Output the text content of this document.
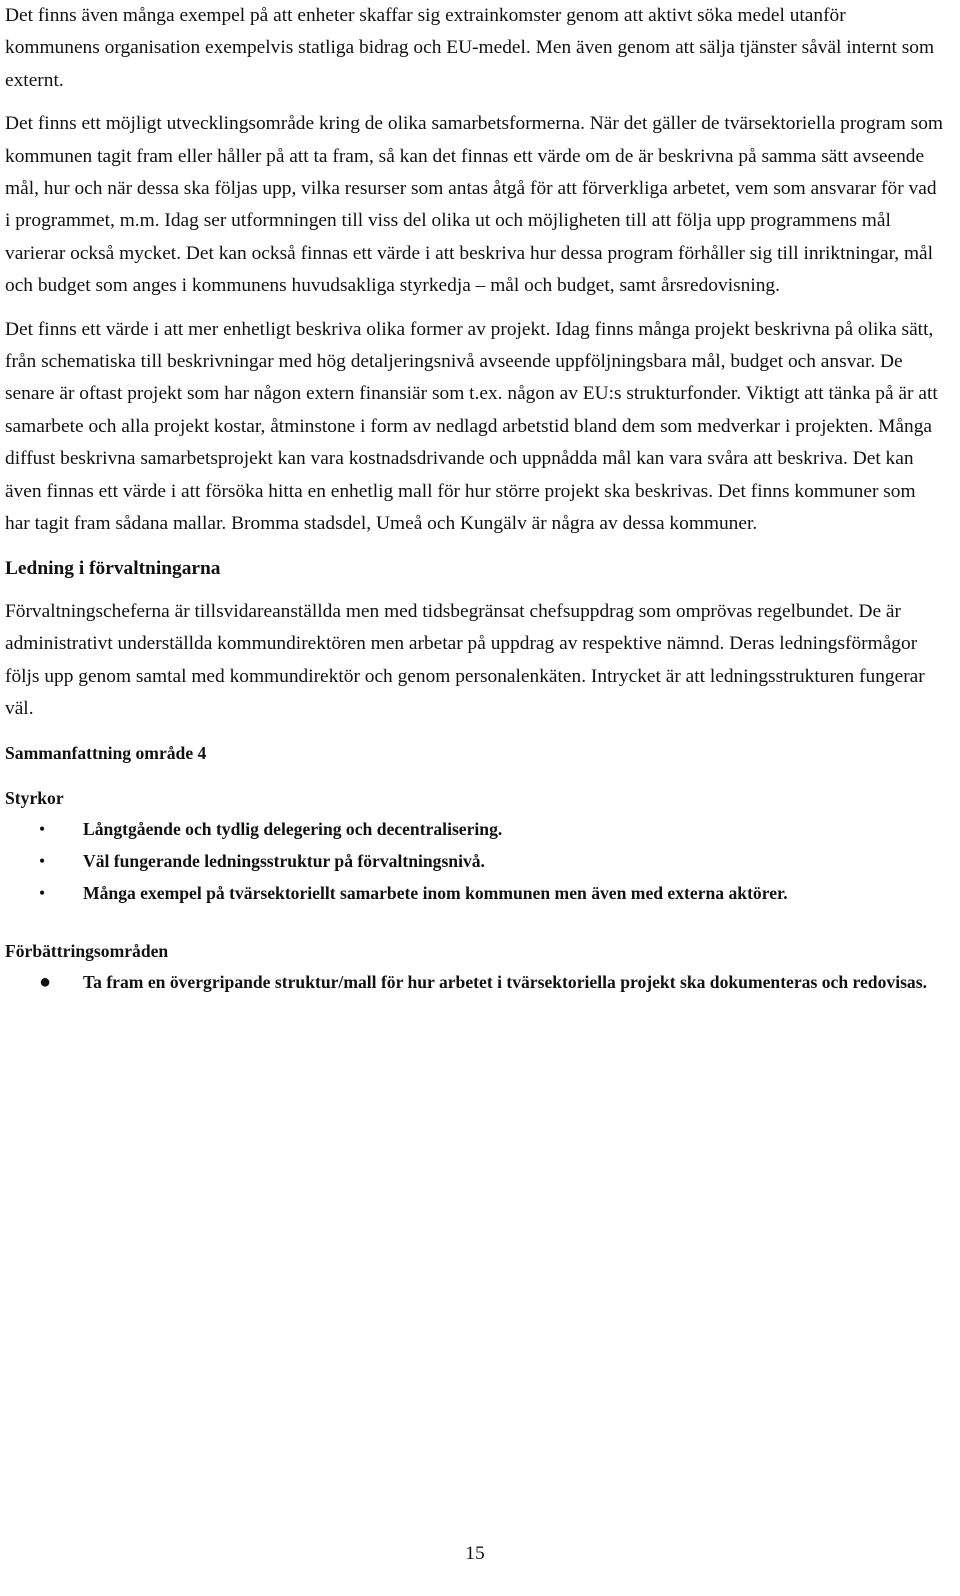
Det finns även många exempel på att enheter skaffar sig extrainkomster genom att aktivt söka medel utanför kommunens organisation exempelvis statliga bidrag och EU-medel. Men även genom att sälja tjänster såväl internt som externt.

Det finns ett möjligt utvecklingsområde kring de olika samarbetsformerna. När det gäller de tvärsektoriella program som kommunen tagit fram eller håller på att ta fram, så kan det finnas ett värde om de är beskrivna på samma sätt avseende mål, hur och när dessa ska följas upp, vilka resurser som antas åtgå för att förverkliga arbetet, vem som ansvarar för vad i programmet, m.m. Idag ser utformningen till viss del olika ut och möjligheten till att följa upp programmens mål varierar också mycket. Det kan också finnas ett värde i att beskriva hur dessa program förhåller sig till inriktningar, mål och budget som anges i kommunens huvudsakliga styrkedja – mål och budget, samt årsredovisning.

Det finns ett värde i att mer enhetligt beskriva olika former av projekt. Idag finns många projekt beskrivna på olika sätt, från schematiska till beskrivningar med hög detaljeringsnivå avseende uppföljningsbara mål, budget och ansvar. De senare är oftast projekt som har någon extern finansiär som t.ex. någon av EU:s strukturfonder. Viktigt att tänka på är att samarbete och alla projekt kostar, åtminstone i form av nedlagd arbetstid bland dem som medverkar i projekten. Många diffust beskrivna samarbetsprojekt kan vara kostnadsdrivande och uppnådda mål kan vara svåra att beskriva. Det kan även finnas ett värde i att försöka hitta en enhetlig mall för hur större projekt ska beskrivas. Det finns kommuner som har tagit fram sådana mallar. Bromma stadsdel, Umeå och Kungälv är några av dessa kommuner.

Ledning i förvaltningarna

Förvaltningscheferna är tillsvidareanställda men med tidsbegränsat chefsuppdrag som omprövas regelbundet. De är administrativt underställda kommundirektören men arbetar på uppdrag av respektive nämnd. Deras ledningsförmågor följs upp genom samtal med kommundirektör och genom personalenkäten. Intrycket är att ledningsstrukturen fungerar väl.

Sammanfattning område 4
Styrkor
• Långtgående och tydlig delegering och decentralisering.
• Väl fungerande ledningsstruktur på förvaltningsnivå.
• Många exempel på tvärsektoriellt samarbete inom kommunen men även med externa aktörer.
Förbättringsområden
● Ta fram en övergripande struktur/mall för hur arbetet i tvärsektoriella projekt ska dokumenteras och redovisas.
15
